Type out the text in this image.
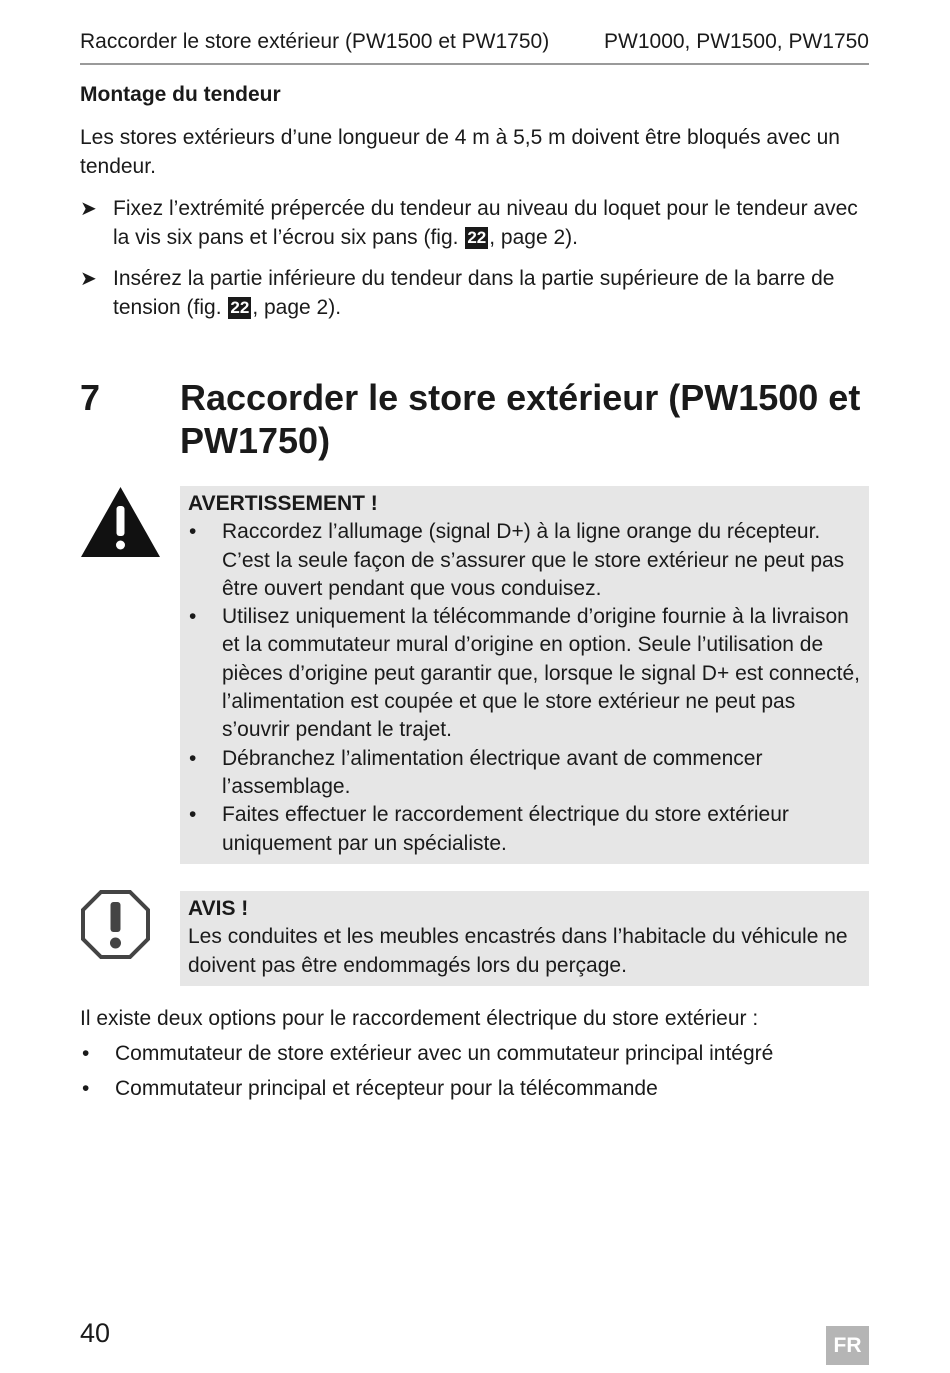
Raccorder le store extérieur (PW1500 et PW1750)	PW1000, PW1500, PW1750
Montage du tendeur
Les stores extérieurs d’une longueur de 4 m à 5,5 m doivent être bloqués avec un tendeur.
➤ Fixez l’extrémité prépercée du tendeur au niveau du loquet pour le tendeur avec la vis six pans et l’écrou six pans (fig. 22 , page 2).
➤ Insérez la partie inférieure du tendeur dans la partie supérieure de la barre de tension (fig. 22 , page 2).
7	Raccorder le store extérieur (PW1500 et PW1750)
AVERTISSEMENT !
•	Raccordez l’allumage (signal D+) à la ligne orange du récepteur. C’est la seule façon de s’assurer que le store extérieur ne peut pas être ouvert pendant que vous conduisez.
•	Utilisez uniquement la télécommande d’origine fournie à la livraison et la commutateur mural d’origine en option. Seule l’utilisation de pièces d’origine peut garantir que, lorsque le signal D+ est connecté, l’alimentation est coupée et que le store extérieur ne peut pas s’ouvrir pendant le trajet.
•	Débranchez l’alimentation électrique avant de commencer l’assemblage.
•	Faites effectuer le raccordement électrique du store extérieur uniquement par un spécialiste.
AVIS !
Les conduites et les meubles encastrés dans l’habitacle du véhicule ne doivent pas être endommagés lors du perçage.
Il existe deux options pour le raccordement électrique du store extérieur :
•	Commutateur de store extérieur avec un commutateur principal intégré
•	Commutateur principal et récepteur pour la télécommande
40	FR
